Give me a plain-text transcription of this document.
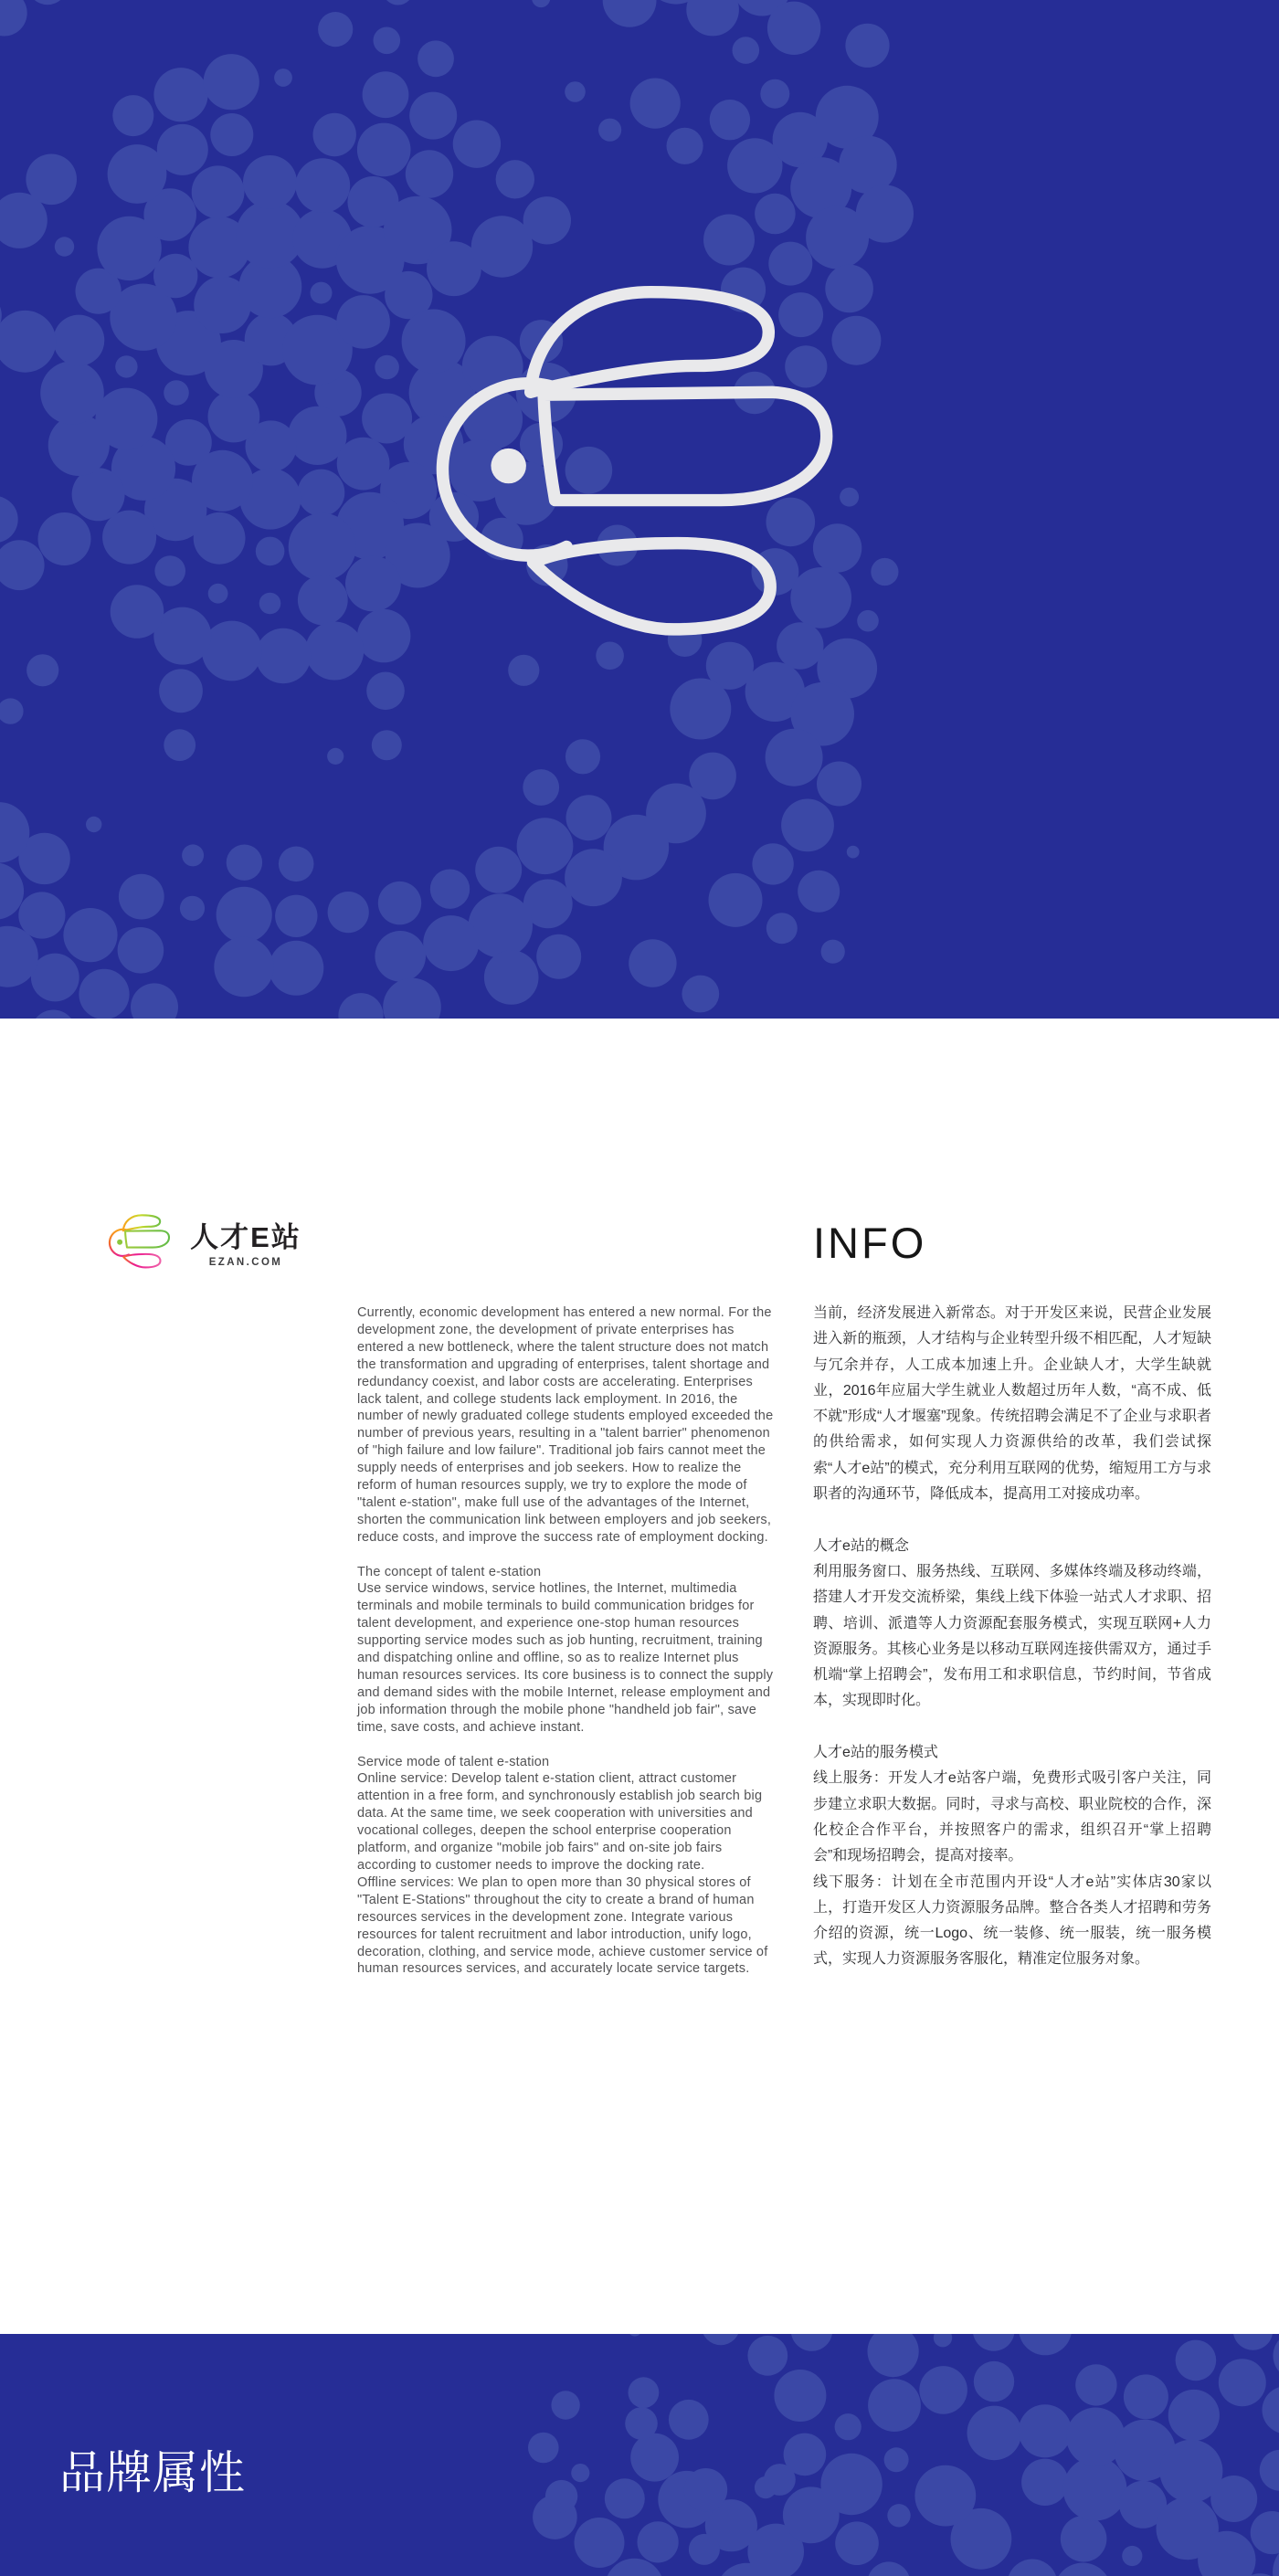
人才E站
EZAN.COM

Currently, economic development has entered a new normal. For the development zone, the development of private enterprises has entered a new bottleneck, where the talent structure does not match the transformation and upgrading of enterprises, talent shortage and redundancy coexist, and labor costs are accelerating. Enterprises lack talent, and college students lack employment. In 2016, the number of newly graduated college students employed exceeded the number of previous years, resulting in a "talent barrier" phenomenon of "high failure and low failure". Traditional job fairs cannot meet the supply needs of enterprises and job seekers. How to realize the reform of human resources supply, we try to explore the mode of "talent e-station", make full use of the advantages of the Internet, shorten the communication link between employers and job seekers, reduce costs, and improve the success rate of employment docking.

The concept of talent e-station

Use service windows, service hotlines, the Internet, multimedia terminals and mobile terminals to build communication bridges for talent development, and experience one-stop human resources supporting service modes such as job hunting, recruitment, training and dispatching online and offline, so as to realize Internet plus human resources services. Its core business is to connect the supply and demand sides with the mobile Internet, release employment and job information through the mobile phone "handheld job fair", save time, save costs, and achieve instant.

Service mode of talent e-station

Online service: Develop talent e-station client, attract customer attention in a free form, and synchronously establish job search big data. At the same time, we seek cooperation with universities and vocational colleges, deepen the school enterprise cooperation platform, and organize "mobile job fairs" and on-site job fairs according to customer needs to improve the docking rate.

Offline services: We plan to open more than 30 physical stores of "Talent E-Stations" throughout the city to create a brand of human resources services in the development zone. Integrate various resources for talent recruitment and labor introduction, unify logo, decoration, clothing, and service mode, achieve customer service of human resources services, and accurately locate service targets.

INFO

当前，经济发展进入新常态。对于开发区来说，民营企业发展进入新的瓶颈，人才结构与企业转型升级不相匹配，人才短缺与冗余并存，人工成本加速上升。企业缺人才，大学生缺就业，2016年应届大学生就业人数超过历年人数，“高不成、低不就”形成“人才堰塞”现象。传统招聘会满足不了企业与求职者的供给需求，如何实现人力资源供给的改革，我们尝试探索“人才e站”的模式，充分利用互联网的优势，缩短用工方与求职者的沟通环节，降低成本，提高用工对接成功率。

人才e站的概念

利用服务窗口、服务热线、互联网、多媒体终端及移动终端，搭建人才开发交流桥梁，集线上线下体验一站式人才求职、招聘、培训、派遣等人力资源配套服务模式，实现互联网+人力资源服务。其核心业务是以移动互联网连接供需双方，通过手机端“掌上招聘会”，发布用工和求职信息，节约时间，节省成本，实现即时化。

人才e站的服务模式

线上服务：开发人才e站客户端，免费形式吸引客户关注，同步建立求职大数据。同时，寻求与高校、职业院校的合作，深化校企合作平台，并按照客户的需求，组织召开“掌上招聘会”和现场招聘会，提高对接率。

线下服务：计划在全市范围内开设“人才e站”实体店30家以上，打造开发区人力资源服务品牌。整合各类人才招聘和劳务介绍的资源，统一Logo、统一装修、统一服装，统一服务模式，实现人力资源服务客服化，精准定位服务对象。

品牌属性
